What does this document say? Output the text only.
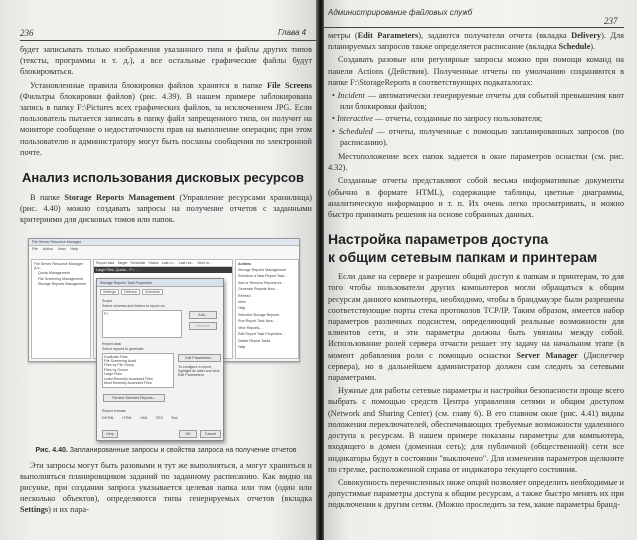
236	Глава 4

будет записывать только изображения указанного типа и файлы других типов (тексты, программы и т. д.), а все остальные графические файлы будут блокироваться.

Установленные правила блокировки файлов хранятся в папке File Screens (Фильтры блокировки файлов) (рис. 4.39). В нашем примере заблокирована запись в папку F:\Pictures всех графических файлов, за исключением JPG. Если пользователь пытается записать в папку файл запрещенного типа, он получит на мониторе сообщение о недостаточности прав на выполнение операции; при этом пользователю и администратору могут быть посланы сообщения по электронной почте.

Анализ использования дисковых ресурсов

В папке Storage Reports Management (Управление ресурсами хранилища) (рис. 4.40) можно создавать запросы на получение отчетов с заданными критериями для дисковых томов или папок.

File Server Resource Manager
File Action View Help
File Server Resource Manager (Lo...
Quota Management
File Screening Management
Storage Reports Management
Report task Target Schedule Status Last ru... Last res... Next ru...
Large Files, Quota... F:\ ...
Actions
Storage Reports Management
Schedule a New Report Task...
Add or Remove Reports for...
Generate Reports Now...
Refresh
View
Help
Selected Storage Reports
Run Report Task Now...
View Reports...
Edit Report Task Properties...
Delete Report Tasks
Help
Storage Reports Task Properties
Settings	Delivery	Schedule
Scope
Select volumes and folders to report on:
F:\	Add...
Remove
Report data
Select reports to generate:
Duplicate Files
File Screening Audit
Files by File Group
Files by Owner
Large Files
Least Recently Accessed Files
Most Recently Accessed Files
Edit Parameters...
To configure a report, highlight its label and click Edit Parameters.
Review Selected Reports...
Report formats
DHTML HTML XML CSV Text
Help	OK	Cancel

Рис. 4.40. Запланированные запросы и свойства запроса на получение отчетов

Эти запросы могут быть разовыми и тут же выполняться, а могут храниться и выполняться планировщиком заданий по заданному расписанию. Как видно на рисунке, при создании запроса указывается целевая папка или том (один или несколько объектов), определяются типы генерируемых отчетов (вкладка Settings) и их пара-

Администрирование файловых служб
237

метры (Edit Parameters), задаются получатели отчета (вкладка Delivery). Для планируемых запросов также определяется расписание (вкладка Schedule).

Создавать разовые или регулярные запросы можно при помощи команд на панели Actions (Действия). Полученные отчеты по умолчанию сохраняются в папке F:\StorageReports в соответствующих подкаталогах:

• Incident — автоматически генерируемые отчеты для событий превышения квот или блокировки файлов;
• Interactive — отчеты, созданные по запросу пользователя;
• Scheduled — отчеты, полученные с помощью запланированных запросов (по расписанию).

Местоположение всех папок задается в окне параметров оснастки (см. рис. 4.32).

Созданные отчеты представляют собой весьма информативные документы (обычно в формате HTML), содержащие таблицы, цветные диаграммы, аналитическую информацию и т. п. Их очень легко просматривать, и можно быстро принимать решения на основе собранных данных.

Настройка параметров доступа
к общим сетевым папкам и принтерам

Если даже на сервере и разрешен общий доступ к папкам и принтерам, то для того чтобы пользователи других компьютеров могли обращаться к общим ресурсам данного компьютера, необходимо, чтобы в брандмауэре были разрешены соответствующие порты стека протоколов TCP/IP. Таким образом, имеется набор параметров различных подсистем, определяющий реальные возможности для клиентов сети, и эти параметры должны быть увязаны между собой. Использование ролей сервера отчасти решает эту задачу на начальном этапе (в момент добавления роли с помощью оснастки Server Manager (Диспетчер сервера), но в дальнейшем администратор должен сам следить за сетевыми параметрами.

Нужные для работы сетевые параметры и настройки безопасности проще всего выбрать с помощью средств Центра управления сетями и общим доступом (Network and Sharing Center) (см. главу 6). В его главном окне (рис. 4.41) видны положения переключателей, обеспечивающих требуемые возможности удаленного доступа к ресурсам. В нашем примере показаны параметры для компьютера, входящего в домен (доменная сеть); для публичной (общественной) сети все индикаторы будут в состоянии "выключено". Для изменения параметров щелкните по стрелке, расположенной справа от индикатора текущего состояния.

Совокупность перечисленных ниже опций позволяет определить необходимые и допустимые параметры доступа к общим ресурсам, а также быстро менять их при подключении к другим сетям. (Можно проследить за тем, какие параметры бранд-
